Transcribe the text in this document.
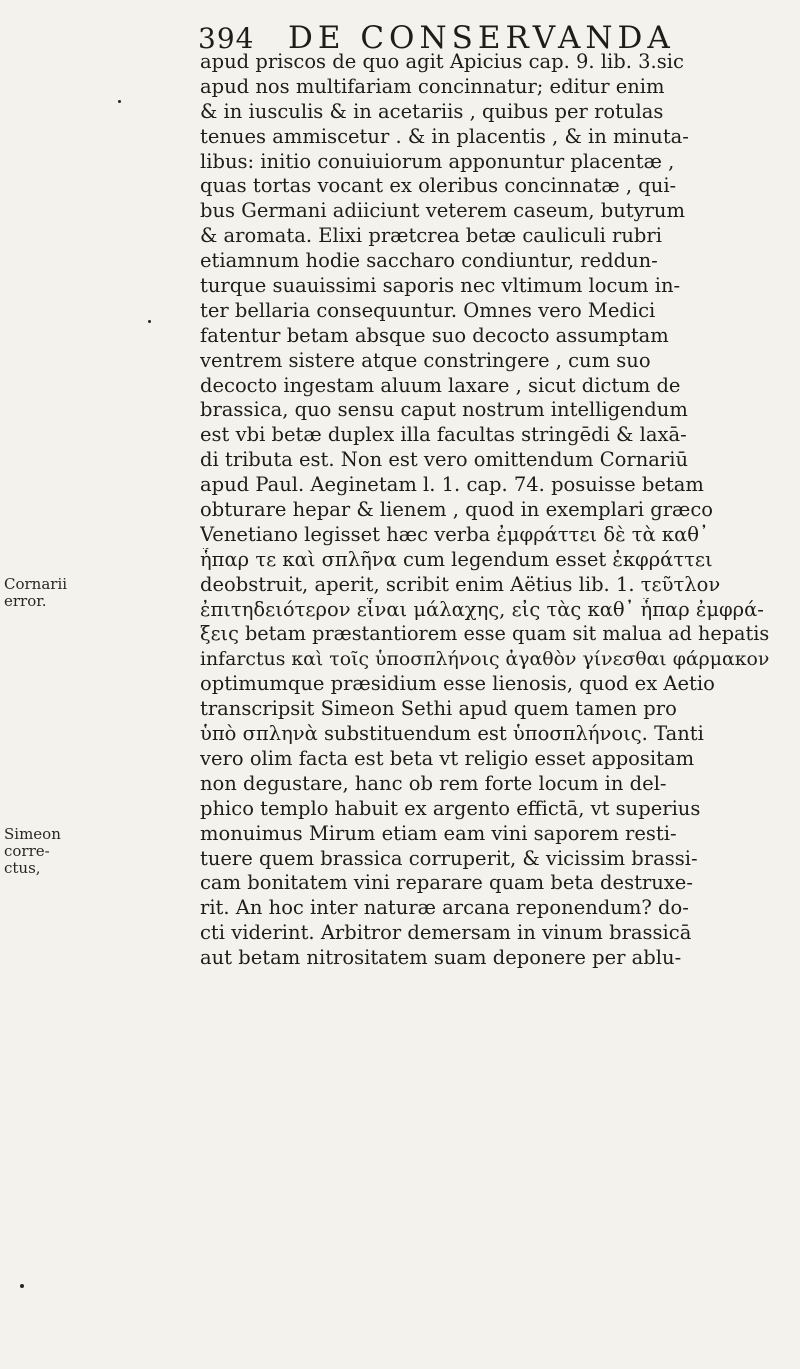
394 DE CONSERVANDA
Cornarii
error.
Simeon
corre-
ctus,
apud priscos de quo agit Apicius cap. 9. lib. 3.sic
apud nos multifariam concinnatur; editur enim
& in iusculis & in acetariis , quibus per rotulas
tenues ammiscetur . & in placentis , & in minuta-
libus: initio conuiuiorum apponuntur placentæ ,
quas tortas vocant ex oleribus concinnatæ , qui-
bus Germani adiiciunt veterem caseum, butyrum
& aromata. Elixi prætcrea betæ cauliculi rubri
etiamnum hodie saccharo condiuntur, reddun-
turque suauissimi saporis nec vltimum locum in-
ter bellaria consequuntur. Omnes vero Medici
fatentur betam absque suo decocto assumptam
ventrem sistere atque constringere , cum suo
decocto ingestam aluum laxare , sicut dictum de
brassica, quo sensu caput nostrum intelligendum
est vbi betæ duplex illa facultas stringēdi & laxā-
di tributa est. Non est vero omittendum Cornariū
apud Paul. Aeginetam l. 1. cap. 74. posuisse betam
obturare hepar & lienem , quod in exemplari græco
Venetiano legisset hæc verba ἐμφράττει δὲ τὰ καθ᾽
ἧπαρ τε καὶ σπλῆνα cum legendum esset ἐκφράττει
deobstruit, aperit, scribit enim Aëtius lib. 1. τεῦτλον
ἐπιτηδειότερον εἶναι μάλαχης, εἰς τὰς καθ᾽ ἧπαρ ἐμφρά-
ξεις betam præstantiorem esse quam sit malua ad hepatis
infarctus καὶ τοῖς ὑποσπλήνοις ἀγαθὸν γίνεσθαι φάρμακον
optimumque præsidium esse lienosis, quod ex Aetio
transcripsit Simeon Sethi apud quem tamen pro
ὑπὸ σπληνὰ substituendum est ὑποσπλήνοις. Tanti
vero olim facta est beta vt religio esset appositam
non degustare, hanc ob rem forte locum in del-
phico templo habuit ex argento effictā, vt superius
monuimus Mirum etiam eam vini saporem resti-
tuere quem brassica corruperit, & vicissim brassi-
cam bonitatem vini reparare quam beta destruxe-
rit. An hoc inter naturæ arcana reponendum? do-
cti viderint. Arbitror demersam in vinum brassicā
aut betam nitrositatem suam deponere per ablu-
